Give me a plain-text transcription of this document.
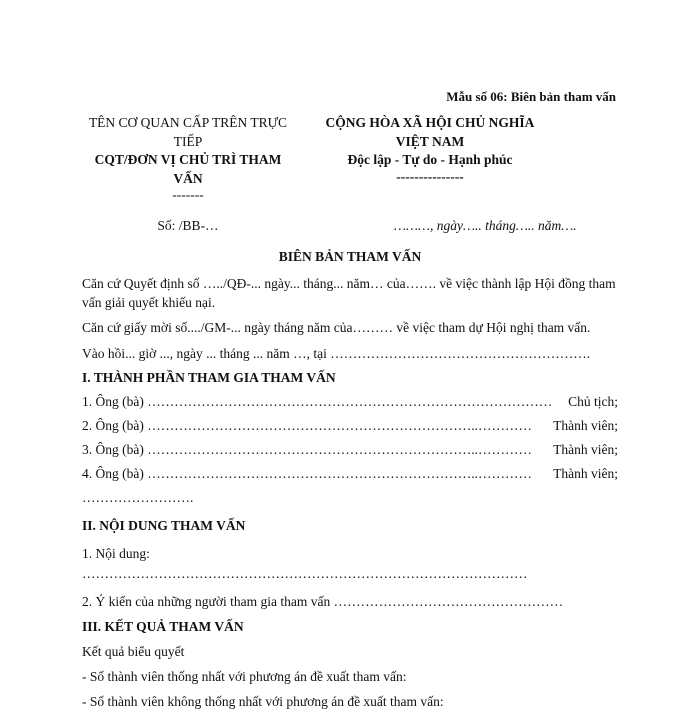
Mẫu số 06: Biên bản tham vấn
TÊN CƠ QUAN CẤP TRÊN TRỰC TIẾP
CQT/ĐƠN VỊ CHỦ TRÌ THAM VẤN
-------
CỘNG HÒA XÃ HỘI CHỦ NGHĨA VIỆT NAM
Độc lập - Tự do - Hạnh phúc
---------------
Số: /BB-…	………, ngày….. tháng….. năm….
BIÊN BẢN THAM VẤN

Căn cứ Quyết định số …../QĐ-... ngày... tháng... năm… của……. về việc thành lập Hội đồng tham vấn giải quyết khiếu nại.

Căn cứ giấy mời số..../GM-... ngày tháng năm của……… về việc tham dự Hội nghị tham vấn.

Vào hồi... giờ ..., ngày ... tháng ... năm …, tại ………………………………………………….

I. THÀNH PHẦN THAM GIA THAM VẤN

1. Ông (bà) ……………………………………………………………………………… Chủ tịch;
2. Ông (bà) ………………………………………………………………..………… Thành viên;
3. Ông (bà) ………………………………………………………………..………… Thành viên;
4. Ông (bà) ………………………………………………………………..………… Thành viên;
…………………….

II. NỘI DUNG THAM VẤN

1. Nội dung:
………………………………………………………………………………………
2. Ý kiến của những người tham gia tham vấn ……………………………………………

III. KẾT QUẢ THAM VẤN

Kết quả biểu quyết
- Số thành viên thống nhất với phương án đề xuất tham vấn:
- Số thành viên không thống nhất với phương án đề xuất tham vấn:
